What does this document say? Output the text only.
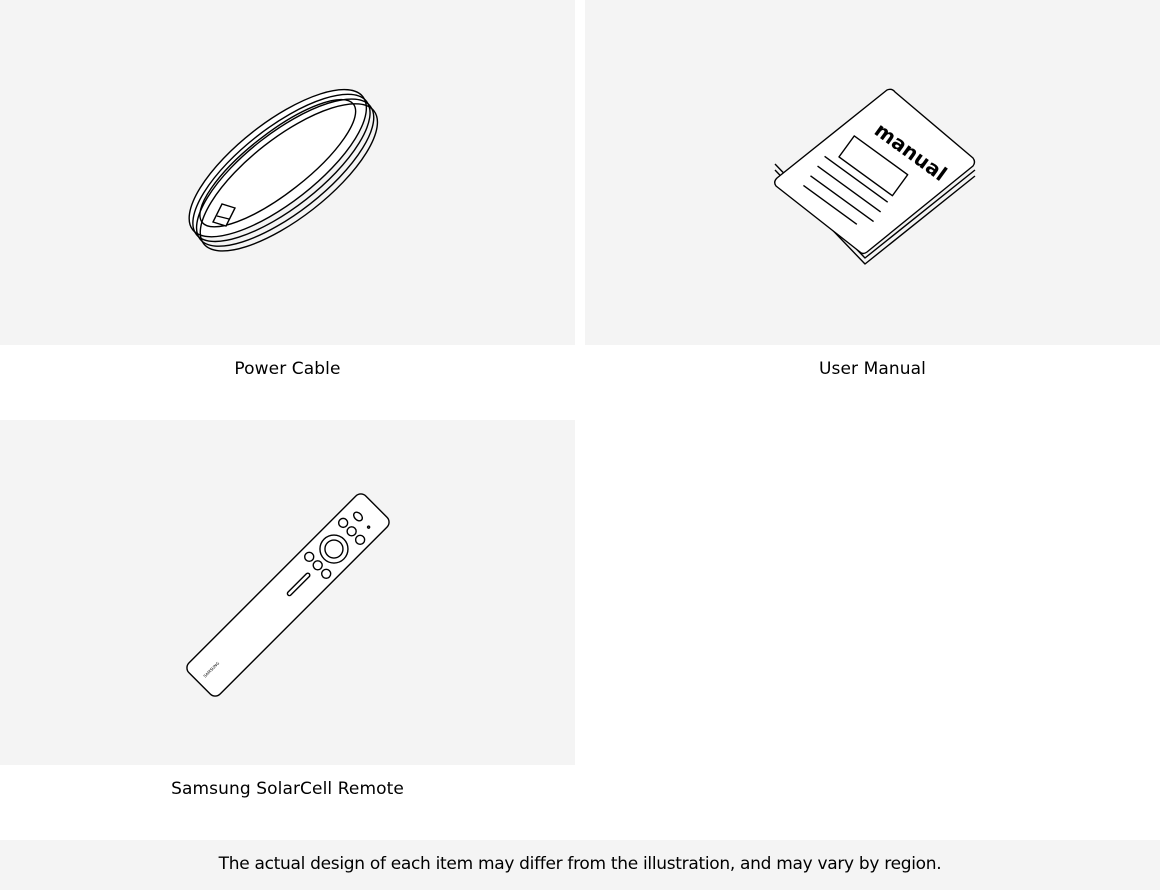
Power Cable
manual
User Manual
SAMSUNG
Samsung SolarCell Remote
The actual design of each item may differ from the illustration, and may vary by region.
